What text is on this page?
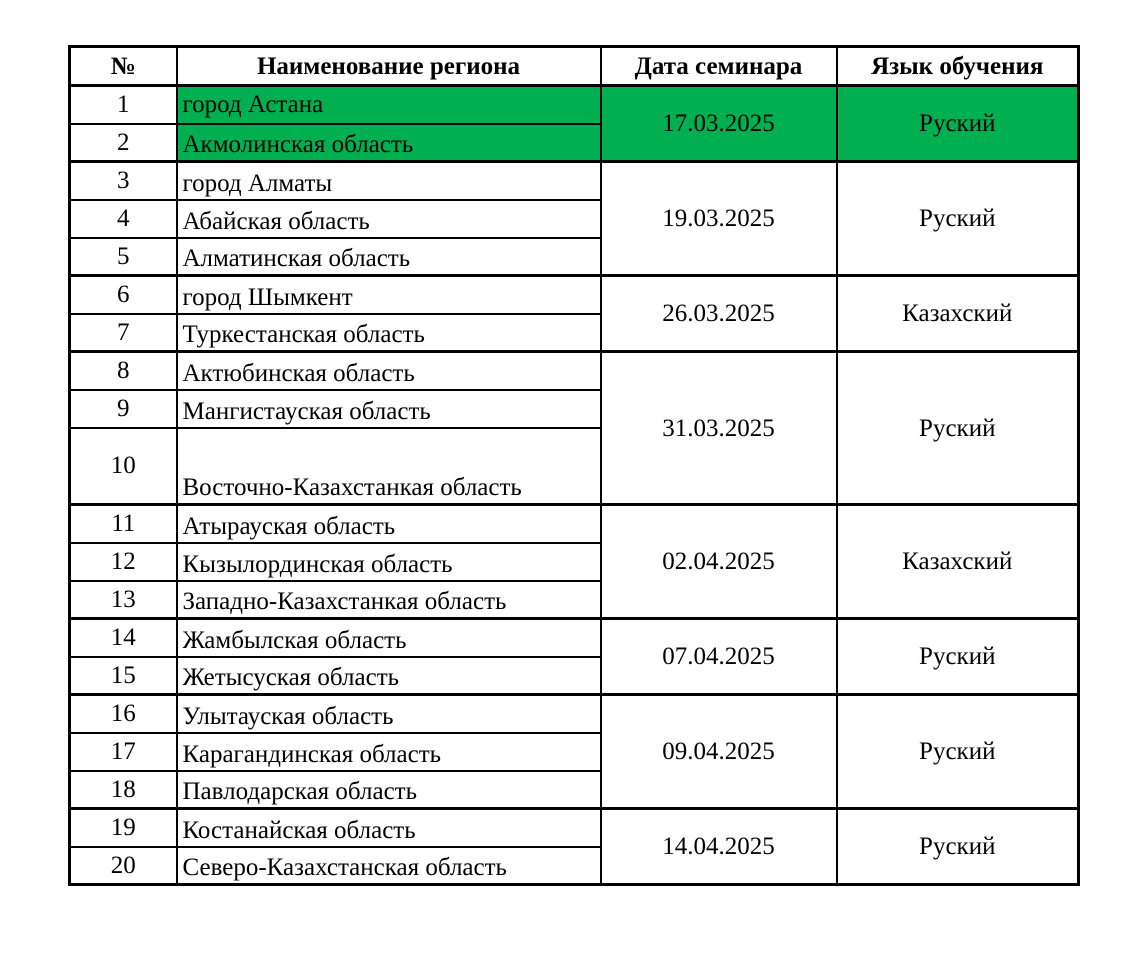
№	Наименование региона	Дата семинара	Язык обучения
1	город Астана	17.03.2025	Руский
2	Акмолинская область		
3	город Алматы	19.03.2025	Руский
4	Абайская область		
5	Алматинская область		
6	город Шымкент	26.03.2025	Казахский
7	Туркестанская область		
8	Актюбинская область	31.03.2025	Руский
9	Мангистауская область		
10	Восточно-Казахстанкая область		
11	Атырауская область	02.04.2025	Казахский
12	Кызылординская область		
13	Западно-Казахстанкая область		
14	Жамбылская область	07.04.2025	Руский
15	Жетысуская область		
16	Улытауская область	09.04.2025	Руский
17	Карагандинская область		
18	Павлодарская область		
19	Костанайская область	14.04.2025	Руский
20	Северо-Казахстанская область		
